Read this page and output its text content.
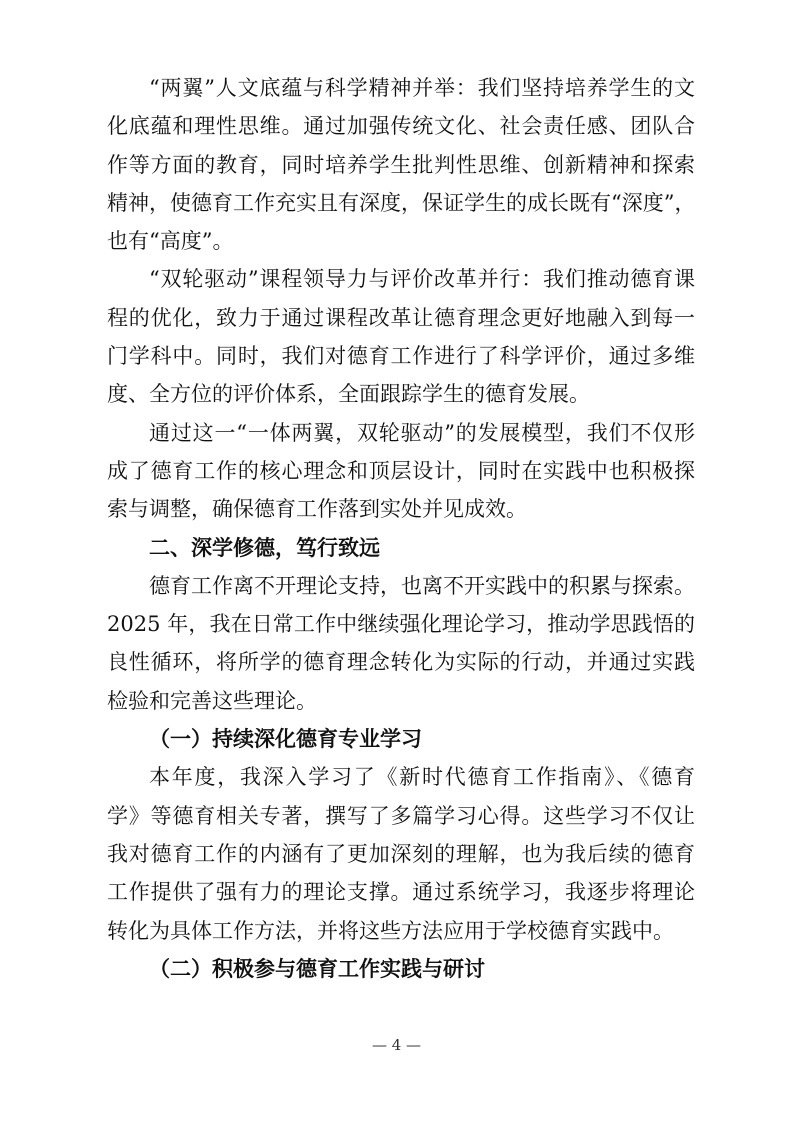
“两翼”人文底蕴与科学精神并举：我们坚持培养学生的文
化底蕴和理性思维。通过加强传统文化、社会责任感、团队合
作等方面的教育，同时培养学生批判性思维、创新精神和探索
精神，使德育工作充实且有深度，保证学生的成长既有“深度”，
也有“高度”。
“双轮驱动”课程领导力与评价改革并行：我们推动德育课
程的优化，致力于通过课程改革让德育理念更好地融入到每一
门学科中。同时，我们对德育工作进行了科学评价，通过多维
度、全方位的评价体系，全面跟踪学生的德育发展。
通过这一“一体两翼，双轮驱动”的发展模型，我们不仅形
成了德育工作的核心理念和顶层设计，同时在实践中也积极探
索与调整，确保德育工作落到实处并见成效。
二、深学修德，笃行致远
德育工作离不开理论支持，也离不开实践中的积累与探索。
2025 年，我在日常工作中继续强化理论学习，推动学思践悟的
良性循环，将所学的德育理念转化为实际的行动，并通过实践
检验和完善这些理论。
（一）持续深化德育专业学习
本年度，我深入学习了《新时代德育工作指南》、《德育
学》等德育相关专著，撰写了多篇学习心得。这些学习不仅让
我对德育工作的内涵有了更加深刻的理解，也为我后续的德育
工作提供了强有力的理论支撑。通过系统学习，我逐步将理论
转化为具体工作方法，并将这些方法应用于学校德育实践中。
（二）积极参与德育工作实践与研讨
— 4 —
